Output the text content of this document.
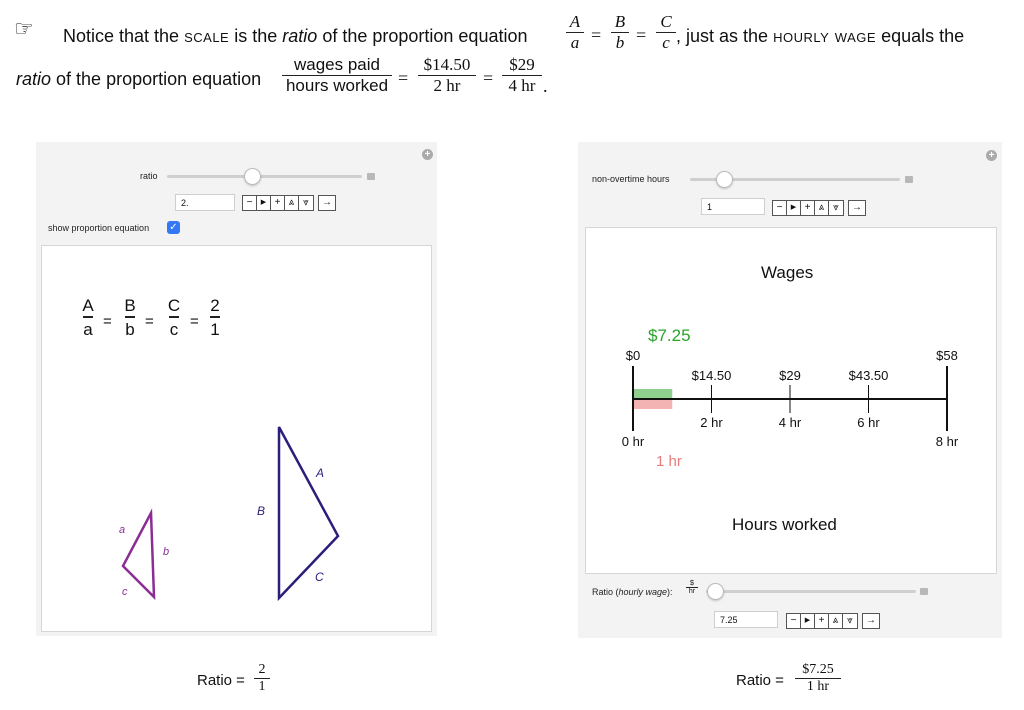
☞ Notice that the scale is the ratio of the proportion equation $\frac{A}{a} = \frac{B}{b} = \frac{C}{c}$ , just as the hourly wage equals the
ratio of the proportion equation
wages paid
hours worked = $\frac{\$14.50}{2 hr} = \frac{\$29}{4 hr}$ .
+
ratio
2.	−	▶ + ⩓ ⩔	→
show proportion equation ✓
A
a =
B
b =
C
c =
2
1
a
b
c
A
B
C
Ratio = $\frac{2}{1}$
+
non-overtime hours
1	−	▶ + ⩓ ⩔	→
Wages
$7.25
1 hr
Hours worked
$0
0 hr
$14.50
2 hr
$29
4 hr
$43.50
6 hr
$58
8 hr
Ratio (hourly wage):
$
hr
7.25	−	▶ + ⩓ ⩔	→
Ratio = $\frac{\$7.25}{1 hr}$
